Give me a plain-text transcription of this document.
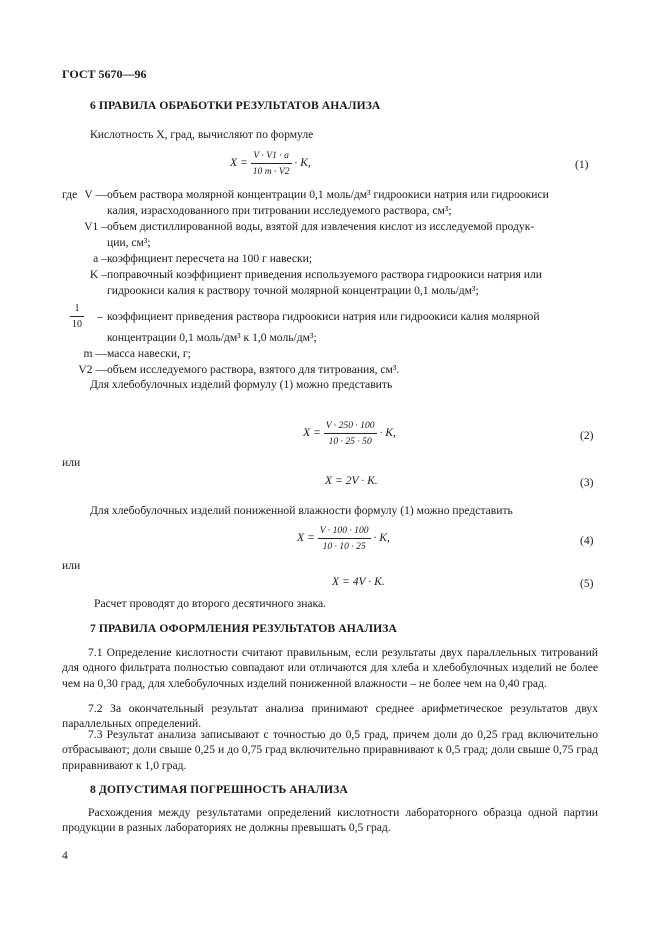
ГОСТ 5670—96
6 ПРАВИЛА ОБРАБОТКИ РЕЗУЛЬТАТОВ АНАЛИЗА
Кислотность X, град, вычисляют по формуле
$X = \frac{V \cdot V1 \cdot a}{10 m \cdot V2} \cdot K$,	(1)
где V — объем раствора молярной концентрации 0,1 моль/дм³ гидроокиси натрия или гидроокиси
калия, израсходованного при титровании исследуемого раствора, см³;
V1 – объем дистиллированной воды, взятой для извлечения кислот из исследуемой продук-
ции, см³;
a – коэффициент пересчета на 100 г навески;
K – поправочный коэффициент приведения используемого раствора гидроокиси натрия или
гидроокиси калия к раствору точной молярной концентрации 0,1 моль/дм³;
$\frac{1}{10}$ – коэффициент приведения раствора гидроокиси натрия или гидроокиси калия молярной
концентрации 0,1 моль/дм³ к 1,0 моль/дм³;
m — масса навески, г;
V2 — объем исследуемого раствора, взятого для титрования, см³.
Для хлебобулочных изделий формулу (1) можно представить
$X = \frac{V \cdot 250 \cdot 100}{10 \cdot 25 \cdot 50} \cdot K$,	(2)
или
X = 2V · K.	(3)
Для хлебобулочных изделий пониженной влажности формулу (1) можно представить
$X = \frac{V \cdot 100 \cdot 100}{10 \cdot 10 \cdot 25} \cdot K$,	(4)
или
X = 4V · K.	(5)
Расчет проводят до второго десятичного знака.
7 ПРАВИЛА ОФОРМЛЕНИЯ РЕЗУЛЬТАТОВ АНАЛИЗА
7.1 Определение кислотности считают правильным, если результаты двух параллельных титрований для одного фильтрата полностью совпадают или отличаются для хлеба и хлебобулочных изделий не более чем на 0,30 град, для хлебобулочных изделий пониженной влажности – не более чем на 0,40 град.
7.2 За окончательный результат анализа принимают среднее арифметическое результатов двух параллельных определений.
7.3 Результат анализа записывают с точностью до 0,5 град, причем доли до 0,25 град включительно отбрасывают; доли свыше 0,25 и до 0,75 град включительно приравнивают к 0,5 град; доли свыше 0,75 град приравнивают к 1,0 град.
8 ДОПУСТИМАЯ ПОГРЕШНОСТЬ АНАЛИЗА
Расхождения между результатами определений кислотности лабораторного образца одной партии продукции в разных лабораториях не должны превышать 0,5 град.
4
